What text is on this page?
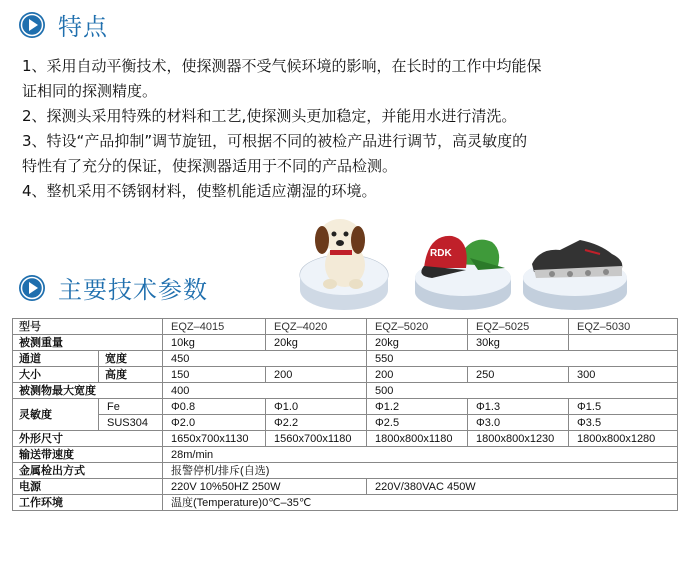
特点

1、采用自动平衡技术，使探测器不受气候环境的影响，在长时的工作中均能保
证相同的探测精度。

2、探测头采用特殊的材料和工艺,使探测头更加稳定，并能用水进行清洗。

3、特设“产品抑制”调节旋钮，可根据不同的被检产品进行调节，高灵敏度的
特性有了充分的保证，使探测器适用于不同的产品检测。

4、整机采用不锈钢材料，使整机能适应潮湿的环境。

RDK
主要技术参数
型号		EQZ–4015	EQZ–4020	EQZ–5020	EQZ–5025	EQZ–5030
被测重量		10kg	20kg	20kg	30kg	
通道	宽度	450		550		
大小	高度	150	200	200	250	300
被测物最大宽度		400		500		
灵敏度	Fe	Φ0.8	Φ1.0	Φ1.2	Φ1.3	Φ1.5
	SUS304	Φ2.0	Φ2.2	Φ2.5	Φ3.0	Φ3.5
外形尺寸		1650x700x1130	1560x700x1180	1800x800x1180	1800x800x1230	1800x800x1280
输送带速度		28m/min				
金属检出方式		报警停机/排斥(自选)				
电源		220V 10%50HZ 250W		220V/380VAC 450W		
工作环境		温度(Temperature)0℃–35℃				
